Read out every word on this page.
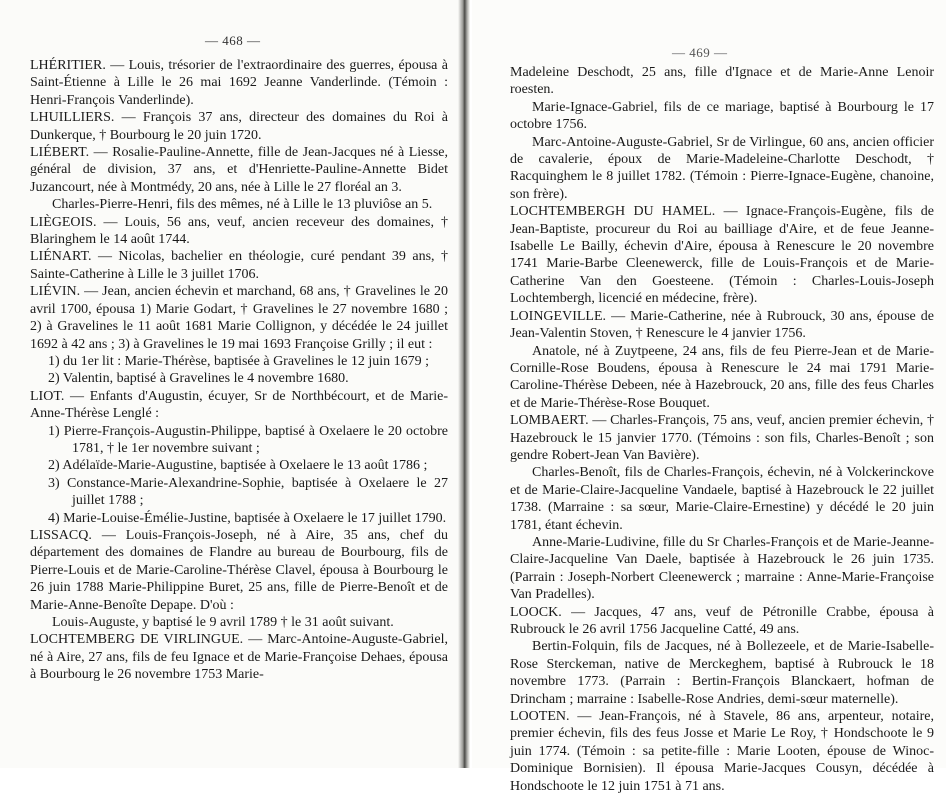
— 468 —

LHÉRITIER. — Louis, trésorier de l'extraordinaire des guerres, épousa à Saint-Étienne à Lille le 26 mai 1692 Jeanne Vanderlinde. (Témoin : Henri-François Vanderlinde).

LHUILLIERS. — François 37 ans, directeur des domaines du Roi à Dunkerque, † Bourbourg le 20 juin 1720.

LIÉBERT. — Rosalie-Pauline-Annette, fille de Jean-Jacques né à Liesse, général de division, 37 ans, et d'Henriette-Pauline-Annette Bidet Juzancourt, née à Montmédy, 20 ans, née à Lille le 27 floréal an 3.

Charles-Pierre-Henri, fils des mêmes, né à Lille le 13 pluviôse an 5.

LIÈGEOIS. — Louis, 56 ans, veuf, ancien receveur des domaines, † Blaringhem le 14 août 1744.

LIÉNART. — Nicolas, bachelier en théologie, curé pendant 39 ans, † Sainte-Catherine à Lille le 3 juillet 1706.

LIÉVIN. — Jean, ancien échevin et marchand, 68 ans, † Gravelines le 20 avril 1700, épousa 1) Marie Godart, † Gravelines le 27 novembre 1680 ; 2) à Gravelines le 11 août 1681 Marie Collignon, y décédée le 24 juillet 1692 à 42 ans ; 3) à Gravelines le 19 mai 1693 Françoise Grilly ; il eut :

1) du 1er lit : Marie-Thérèse, baptisée à Gravelines le 12 juin 1679 ;

2) Valentin, baptisé à Gravelines le 4 novembre 1680.

LIOT. — Enfants d'Augustin, écuyer, Sr de Northbécourt, et de Marie-Anne-Thérèse Lenglé :

1) Pierre-François-Augustin-Philippe, baptisé à Oxelaere le 20 octobre 1781, † le 1er novembre suivant ;

2) Adélaïde-Marie-Augustine, baptisée à Oxelaere le 13 août 1786 ;

3) Constance-Marie-Alexandrine-Sophie, baptisée à Oxelaere le 27 juillet 1788 ;

4) Marie-Louise-Émélie-Justine, baptisée à Oxelaere le 17 juillet 1790.

LISSACQ. — Louis-François-Joseph, né à Aire, 35 ans, chef du département des domaines de Flandre au bureau de Bourbourg, fils de Pierre-Louis et de Marie-Caroline-Thérèse Clavel, épousa à Bourbourg le 26 juin 1788 Marie-Philippine Buret, 25 ans, fille de Pierre-Benoît et de Marie-Anne-Benoîte Depape. D'où :

Louis-Auguste, y baptisé le 9 avril 1789 † le 31 août suivant.

LOCHTEMBERG DE VIRLINGUE. — Marc-Antoine-Auguste-Gabriel, né à Aire, 27 ans, fils de feu Ignace et de Marie-Françoise Dehaes, épousa à Bourbourg le 26 novembre 1753 Marie-

— 469 —

Madeleine Deschodt, 25 ans, fille d'Ignace et de Marie-Anne Lenoir roesten.

Marie-Ignace-Gabriel, fils de ce mariage, baptisé à Bourbourg le 17 octobre 1756.

Marc-Antoine-Auguste-Gabriel, Sr de Virlingue, 60 ans, ancien officier de cavalerie, époux de Marie-Madeleine-Charlotte Deschodt, † Racquinghem le 8 juillet 1782. (Témoin : Pierre-Ignace-Eugène, chanoine, son frère).

LOCHTEMBERGH DU HAMEL. — Ignace-François-Eugène, fils de Jean-Baptiste, procureur du Roi au bailliage d'Aire, et de feue Jeanne-Isabelle Le Bailly, échevin d'Aire, épousa à Renescure le 20 novembre 1741 Marie-Barbe Cleenewerck, fille de Louis-François et de Marie-Catherine Van den Goesteene. (Témoin : Charles-Louis-Joseph Lochtembergh, licencié en médecine, frère).

LOINGEVILLE. — Marie-Catherine, née à Rubrouck, 30 ans, épouse de Jean-Valentin Stoven, † Renescure le 4 janvier 1756.

Anatole, né à Zuytpeene, 24 ans, fils de feu Pierre-Jean et de Marie-Cornille-Rose Boudens, épousa à Renescure le 24 mai 1791 Marie-Caroline-Thérèse Debeen, née à Hazebrouck, 20 ans, fille des feus Charles et de Marie-Thérèse-Rose Bouquet.

LOMBAERT. — Charles-François, 75 ans, veuf, ancien premier échevin, † Hazebrouck le 15 janvier 1770. (Témoins : son fils, Charles-Benoît ; son gendre Robert-Jean Van Bavière).

Charles-Benoît, fils de Charles-François, échevin, né à Volckerinckove et de Marie-Claire-Jacqueline Vandaele, baptisé à Hazebrouck le 22 juillet 1738. (Marraine : sa sœur, Marie-Claire-Ernestine) y décédé le 20 juin 1781, étant échevin.

Anne-Marie-Ludivine, fille du Sr Charles-François et de Marie-Jeanne-Claire-Jacqueline Van Daele, baptisée à Hazebrouck le 26 juin 1735. (Parrain : Joseph-Norbert Cleenewerck ; marraine : Anne-Marie-Françoise Van Pradelles).

LOOCK. — Jacques, 47 ans, veuf de Pétronille Crabbe, épousa à Rubrouck le 26 avril 1756 Jacqueline Catté, 49 ans.

Bertin-Folquin, fils de Jacques, né à Bollezeele, et de Marie-Isabelle-Rose Sterckeman, native de Merckeghem, baptisé à Rubrouck le 18 novembre 1773. (Parrain : Bertin-François Blanckaert, hofman de Drincham ; marraine : Isabelle-Rose Andries, demi-sœur maternelle).

LOOTEN. — Jean-François, né à Stavele, 86 ans, arpenteur, notaire, premier échevin, fils des feus Josse et Marie Le Roy, † Hondschoote le 9 juin 1774. (Témoin : sa petite-fille : Marie Looten, épouse de Winoc-Dominique Bornisien). Il épousa Marie-Jacques Cousyn, décédée à Hondschoote le 12 juin 1751 à 71 ans.
